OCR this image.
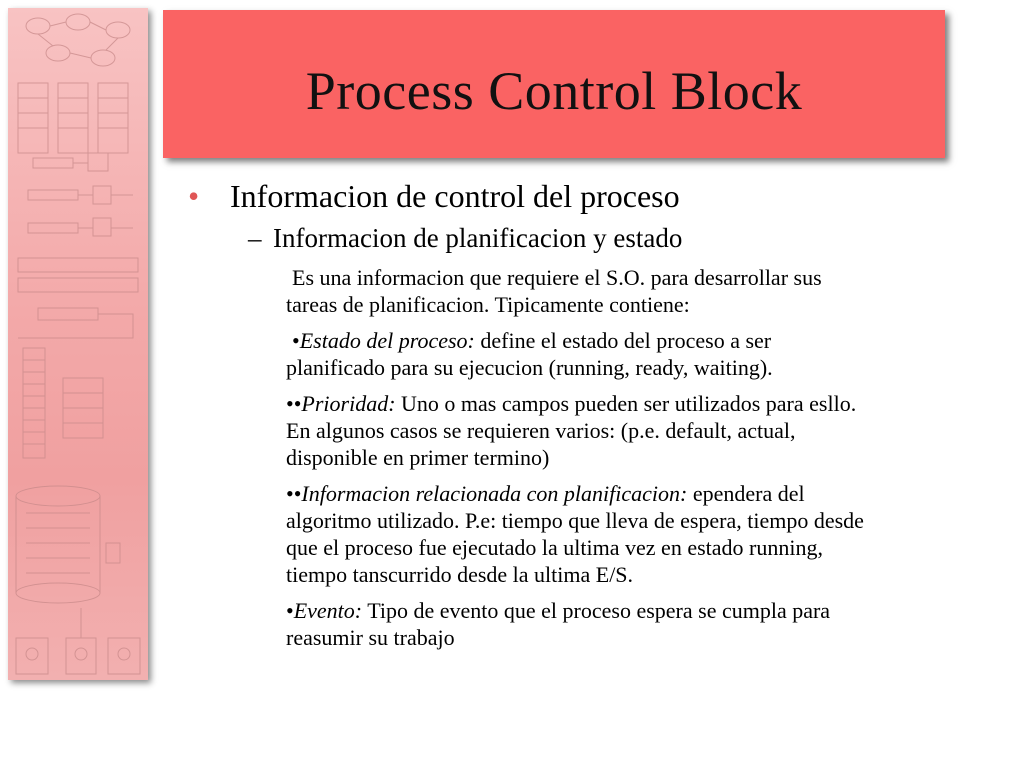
Process Control Block
• Informacion de control del proceso
– Informacion de planificacion y estado
Es una informacion que requiere el S.O. para desarrollar sus tareas de planificacion. Tipicamente contiene:
•Estado del proceso: define el estado del proceso a ser planificado para su ejecucion (running, ready, waiting).
••Prioridad: Uno o mas campos pueden ser utilizados para esllo. En algunos casos se requieren varios: (p.e. default, actual, disponible en primer termino)
••Informacion relacionada con planificacion: ependera del algoritmo utilizado. P.e: tiempo que lleva de espera, tiempo desde que el proceso fue ejecutado la ultima vez en estado running, tiempo tanscurrido desde la ultima E/S.
•Evento: Tipo de evento que el proceso espera se cumpla para reasumir su trabajo
